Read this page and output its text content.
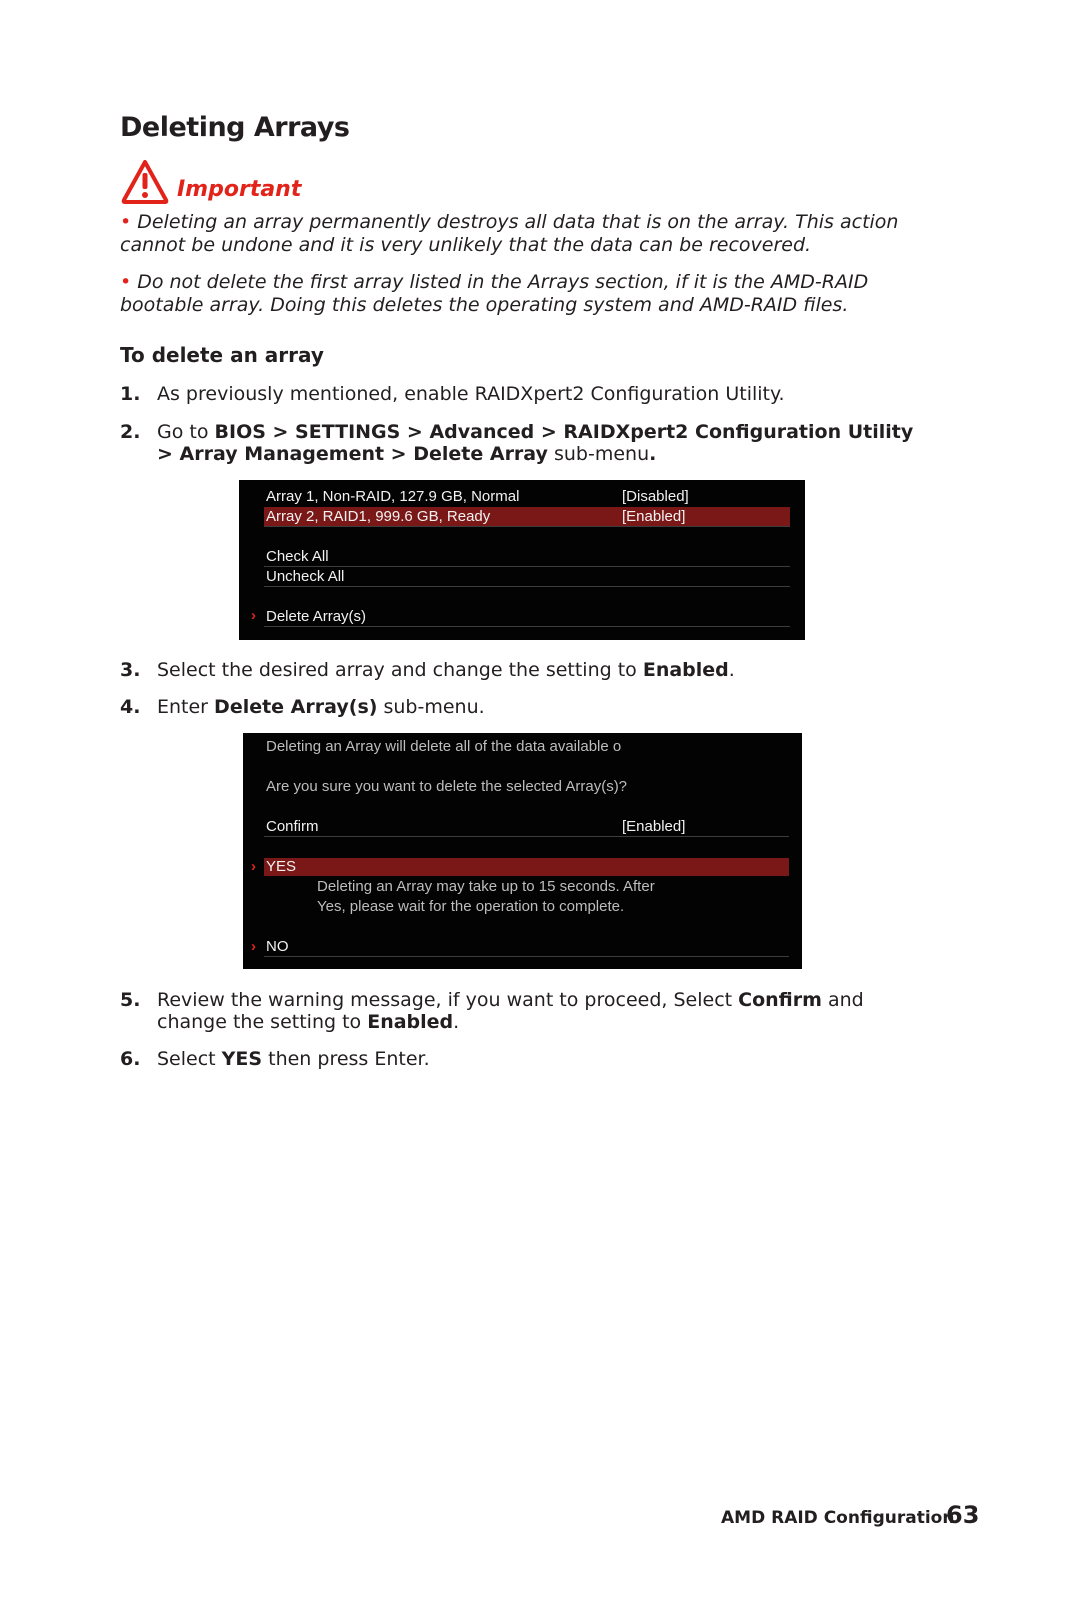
Deleting Arrays
Important
• Deleting an array permanently destroys all data that is on the array. This action cannot be undone and it is very unlikely that the data can be recovered.
• Do not delete the first array listed in the Arrays section, if it is the AMD-RAID bootable array. Doing this deletes the operating system and AMD-RAID files.
To delete an array
1. As previously mentioned, enable RAIDXpert2 Configuration Utility.
2. Go to BIOS > SETTINGS > Advanced > RAIDXpert2 Configuration Utility > Array Management > Delete Array sub-menu.
Array 1, Non-RAID, 127.9 GB, Normal	[Disabled]
Array 2, RAID1, 999.6 GB, Ready	[Enabled]
Check All
Uncheck All
› Delete Array(s)
3. Select the desired array and change the setting to Enabled.
4. Enter Delete Array(s) sub-menu.
Deleting an Array will delete all of the data available o
Are you sure you want to delete the selected Array(s)?
Confirm	[Enabled]
› YES
Deleting an Array may take up to 15 seconds. After
Yes, please wait for the operation to complete.
› NO
5. Review the warning message, if you want to proceed, Select Confirm and change the setting to Enabled.
6. Select YES then press Enter.
AMD RAID Configuration
63
